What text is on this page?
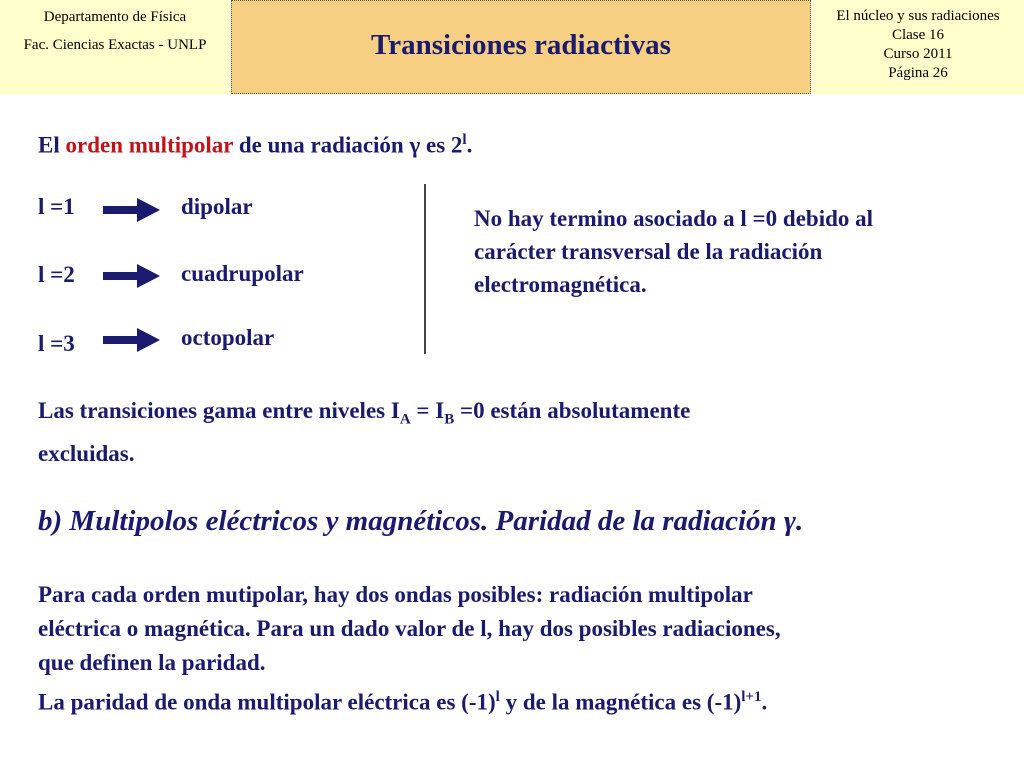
Departamento de Física
Fac. Ciencias Exactas - UNLP	Transiciones radiactivas
El núcleo y sus radiaciones
Clase 16
Curso 2011
Página 26
El orden multipolar de una radiación γ es 2$^l$.
l =1	dipolar
l =2	cuadrupolar
l =3	octopolar
No hay termino asociado a l =0 debido al
carácter transversal de la radiación
electromagnética.
Las transiciones gama entre niveles $I_A = I_B =0$ están absolutamente
excluidas.
b) Multipolos eléctricos y magnéticos. Paridad de la radiación γ.
Para cada orden mutipolar, hay dos ondas posibles: radiación multipolar
eléctrica o magnética. Para un dado valor de l, hay dos posibles radiaciones,
que definen la paridad.
La paridad de onda multipolar eléctrica es $(-1)^l$ y de la magnética es $(-1)^{l+1}$.
